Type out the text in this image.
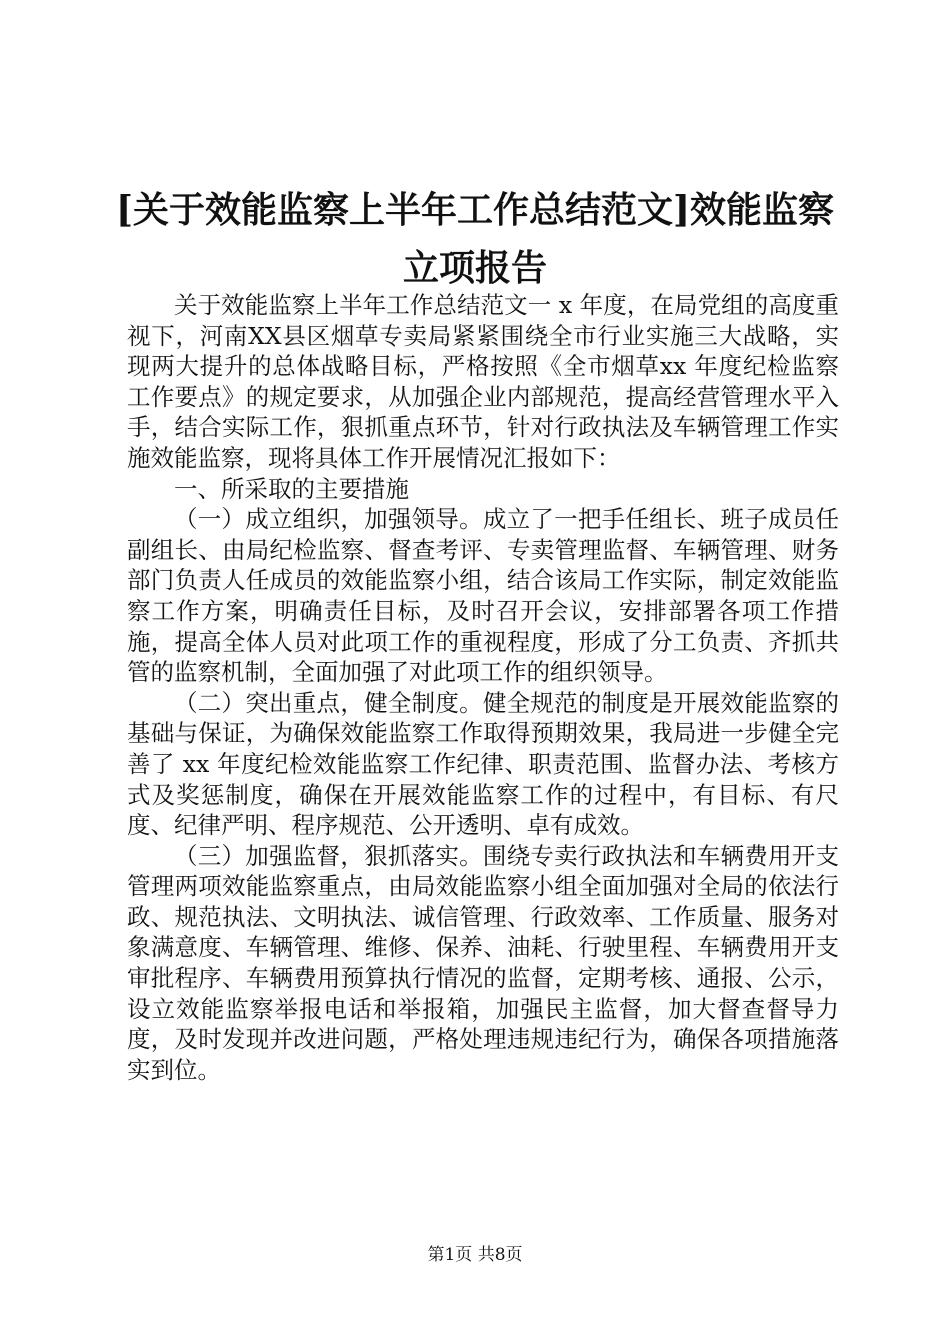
[关于效能监察上半年工作总结范文]效能监察
立项报告

关于效能监察上半年工作总结范文一 x 年度，在局党组的高度重视下，河南XX县区烟草专卖局紧紧围绕全市行业实施三大战略，实现两大提升的总体战略目标，严格按照《全市烟草xx 年度纪检监察工作要点》的规定要求，从加强企业内部规范，提高经营管理水平入手，结合实际工作，狠抓重点环节，针对行政执法及车辆管理工作实施效能监察，现将具体工作开展情况汇报如下：

一、所采取的主要措施

（一）成立组织，加强领导。成立了一把手任组长、班子成员任副组长、由局纪检监察、督查考评、专卖管理监督、车辆管理、财务部门负责人任成员的效能监察小组，结合该局工作实际，制定效能监察工作方案，明确责任目标，及时召开会议，安排部署各项工作措施，提高全体人员对此项工作的重视程度，形成了分工负责、齐抓共管的监察机制，全面加强了对此项工作的组织领导。

（二）突出重点，健全制度。健全规范的制度是开展效能监察的基础与保证，为确保效能监察工作取得预期效果，我局进一步健全完善了 xx 年度纪检效能监察工作纪律、职责范围、监督办法、考核方式及奖惩制度，确保在开展效能监察工作的过程中，有目标、有尺度、纪律严明、程序规范、公开透明、卓有成效。

（三）加强监督，狠抓落实。围绕专卖行政执法和车辆费用开支管理两项效能监察重点，由局效能监察小组全面加强对全局的依法行政、规范执法、文明执法、诚信管理、行政效率、工作质量、服务对象满意度、车辆管理、维修、保养、油耗、行驶里程、车辆费用开支审批程序、车辆费用预算执行情况的监督，定期考核、通报、公示，设立效能监察举报电话和举报箱，加强民主监督，加大督查督导力度，及时发现并改进问题，严格处理违规违纪行为，确保各项措施落实到位。

第1页 共8页
